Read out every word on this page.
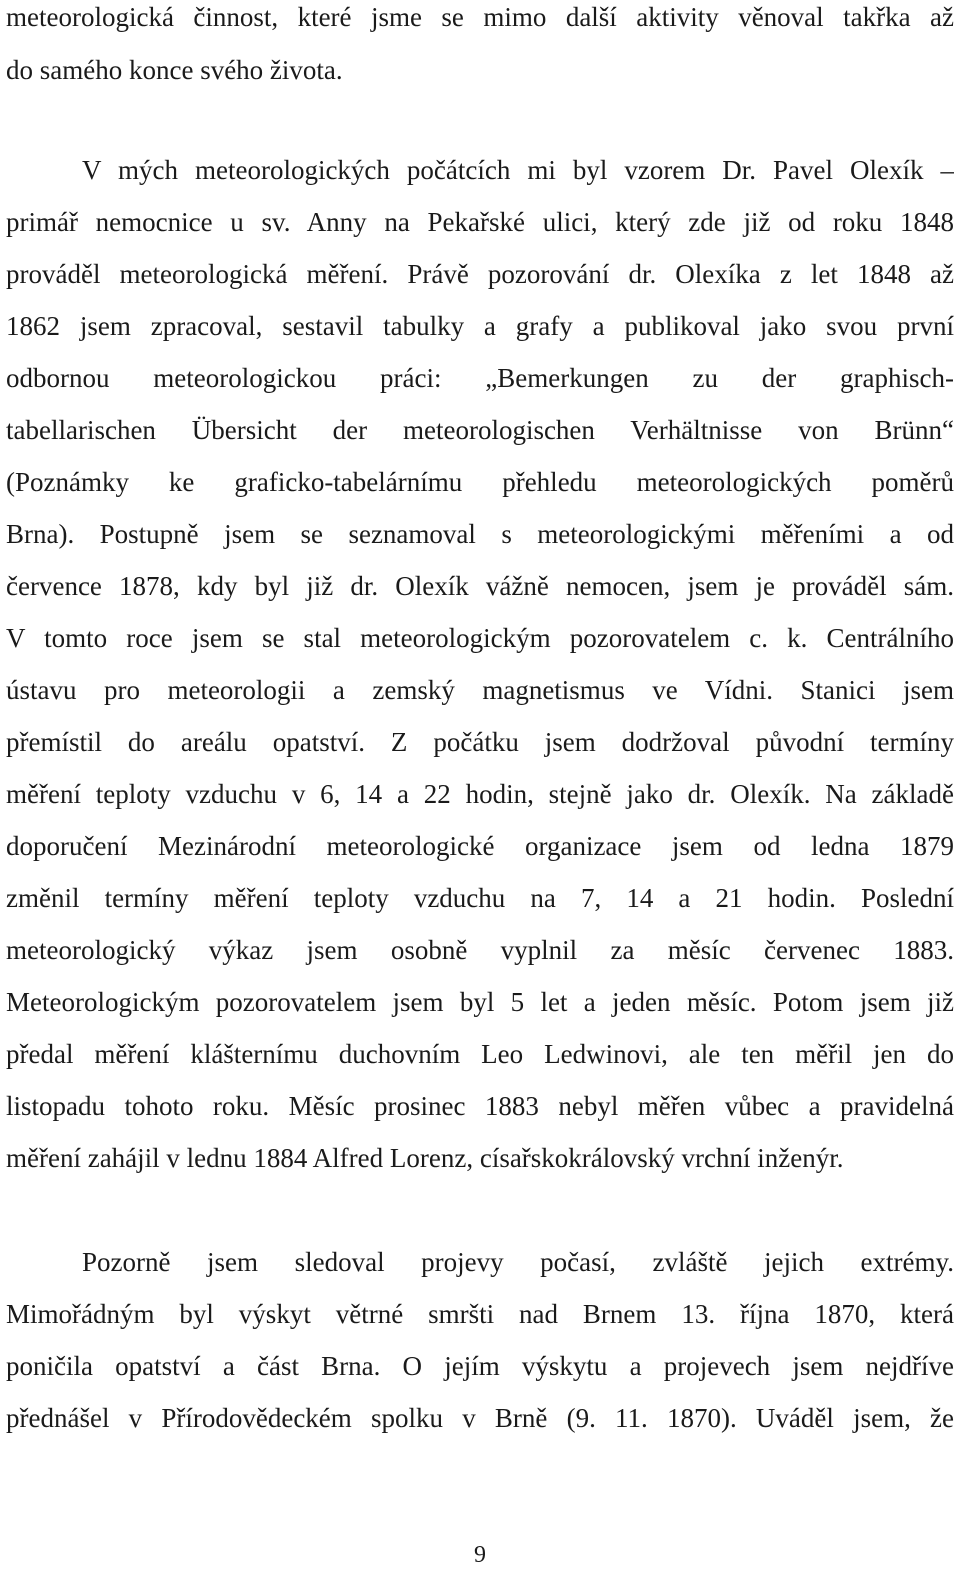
meteorologická činnost, které jsme se mimo další aktivity věnoval takřka až
do samého konce svého života.
V mých meteorologických počátcích mi byl vzorem Dr. Pavel Olexík –
primář nemocnice u sv. Anny na Pekařské ulici, který zde již od roku 1848
prováděl meteorologická měření. Právě pozorování dr. Olexíka z let 1848 až
1862 jsem zpracoval, sestavil tabulky a grafy a publikoval jako svou první
odbornou meteorologickou práci: „Bemerkungen zu der graphisch-
tabellarischen Übersicht der meteorologischen Verhältnisse von Brünn“
(Poznámky ke graficko-tabelárnímu přehledu meteorologických poměrů
Brna). Postupně jsem se seznamoval s meteorologickými měřeními a od
července 1878, kdy byl již dr. Olexík vážně nemocen, jsem je prováděl sám.
V tomto roce jsem se stal meteorologickým pozorovatelem c. k. Centrálního
ústavu pro meteorologii a zemský magnetismus ve Vídni. Stanici jsem
přemístil do areálu opatství. Z počátku jsem dodržoval původní termíny
měření teploty vzduchu v 6, 14 a 22 hodin, stejně jako dr. Olexík. Na základě
doporučení Mezinárodní meteorologické organizace jsem od ledna 1879
změnil termíny měření teploty vzduchu na 7, 14 a 21 hodin. Poslední
meteorologický výkaz jsem osobně vyplnil za měsíc červenec 1883.
Meteorologickým pozorovatelem jsem byl 5 let a jeden měsíc. Potom jsem již
předal měření klášternímu duchovním Leo Ledwinovi, ale ten měřil jen do
listopadu tohoto roku. Měsíc prosinec 1883 nebyl měřen vůbec a pravidelná
měření zahájil v lednu 1884 Alfred Lorenz, císařskokrálovský vrchní inženýr.
Pozorně jsem sledoval projevy počasí, zvláště jejich extrémy.
Mimořádným byl výskyt větrné smršti nad Brnem 13. října 1870, která
poničila opatství a část Brna. O jejím výskytu a projevech jsem nejdříve
přednášel v Přírodovědeckém spolku v Brně (9. 11. 1870). Uváděl jsem, že
9
